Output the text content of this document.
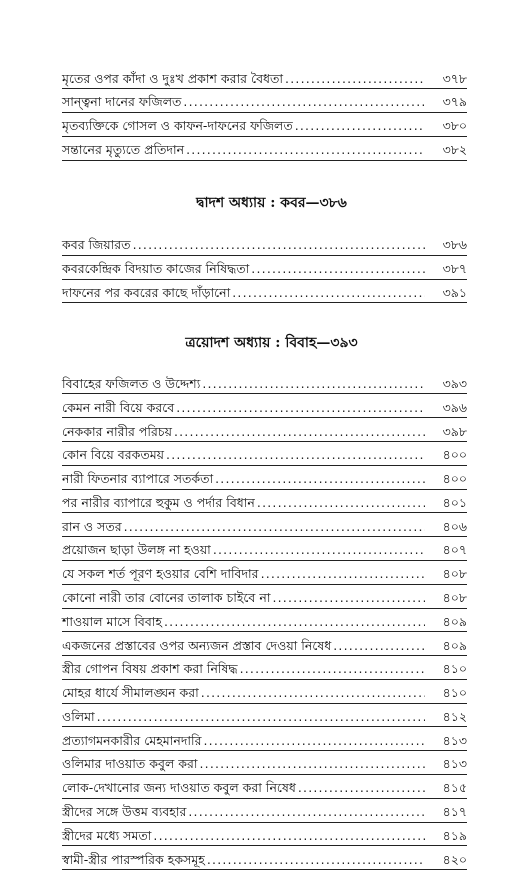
মৃতের ওপর কাঁদা ও দুঃখ প্রকাশ করার বৈধতা .....	৩৭৮
সান্ত্বনা দানের ফজিলত .....	৩৭৯
মৃতব্যক্তিকে গোসল ও কাফন-দাফনের ফজিলত .....	৩৮০
সন্তানের মৃত্যুতে প্রতিদান .....	৩৮২
দ্বাদশ অধ্যায় : কবর—৩৮৬
কবর জিয়ারত .....	৩৮৬
কবরকেন্দ্রিক বিদয়াত কাজের নিষিদ্ধতা .....	৩৮৭
দাফনের পর কবরের কাছে দাঁড়ানো .....	৩৯১
ত্রয়োদশ অধ্যায় : বিবাহ—৩৯৩
বিবাহের ফজিলত ও উদ্দেশ্য .....	৩৯৩
কেমন নারী বিয়ে করবে .....	৩৯৬
নেককার নারীর পরিচয় .....	৩৯৮
কোন বিয়ে বরকতময় .....	৪০০
নারী ফিতনার ব্যাপারে সতর্কতা .....	৪০০
পর নারীর ব্যাপারে হুকুম ও পর্দার বিধান .....	৪০১
রান ও সতর .....	৪০৬
প্রয়োজন ছাড়া উলঙ্গ না হওয়া .....	৪০৭
যে সকল শর্ত পূরণ হওয়ার বেশি দাবিদার .....	৪০৮
কোনো নারী তার বোনের তালাক চাইবে না .....	৪০৮
শাওয়াল মাসে বিবাহ .....	৪০৯
একজনের প্রস্তাবের ওপর অন্যজন প্রস্তাব দেওয়া নিষেধ .....	৪০৯
স্ত্রীর গোপন বিষয় প্রকাশ করা নিষিদ্ধ .....	৪১০
মোহর ধার্যে সীমালঙ্ঘন করা .....	৪১০
ওলিমা .....	৪১২
প্রত্যাগমনকারীর মেহমানদারি .....	৪১৩
ওলিমার দাওয়াত কবুল করা .....	৪১৩
লোক-দেখানোর জন্য দাওয়াত কবুল করা নিষেধ .....	৪১৫
স্ত্রীদের সঙ্গে উত্তম ব্যবহার .....	৪১৭
স্ত্রীদের মধ্যে সমতা .....	৪১৯
স্বামী-স্ত্রীর পারস্পরিক হকসমূহ .....	৪২০
